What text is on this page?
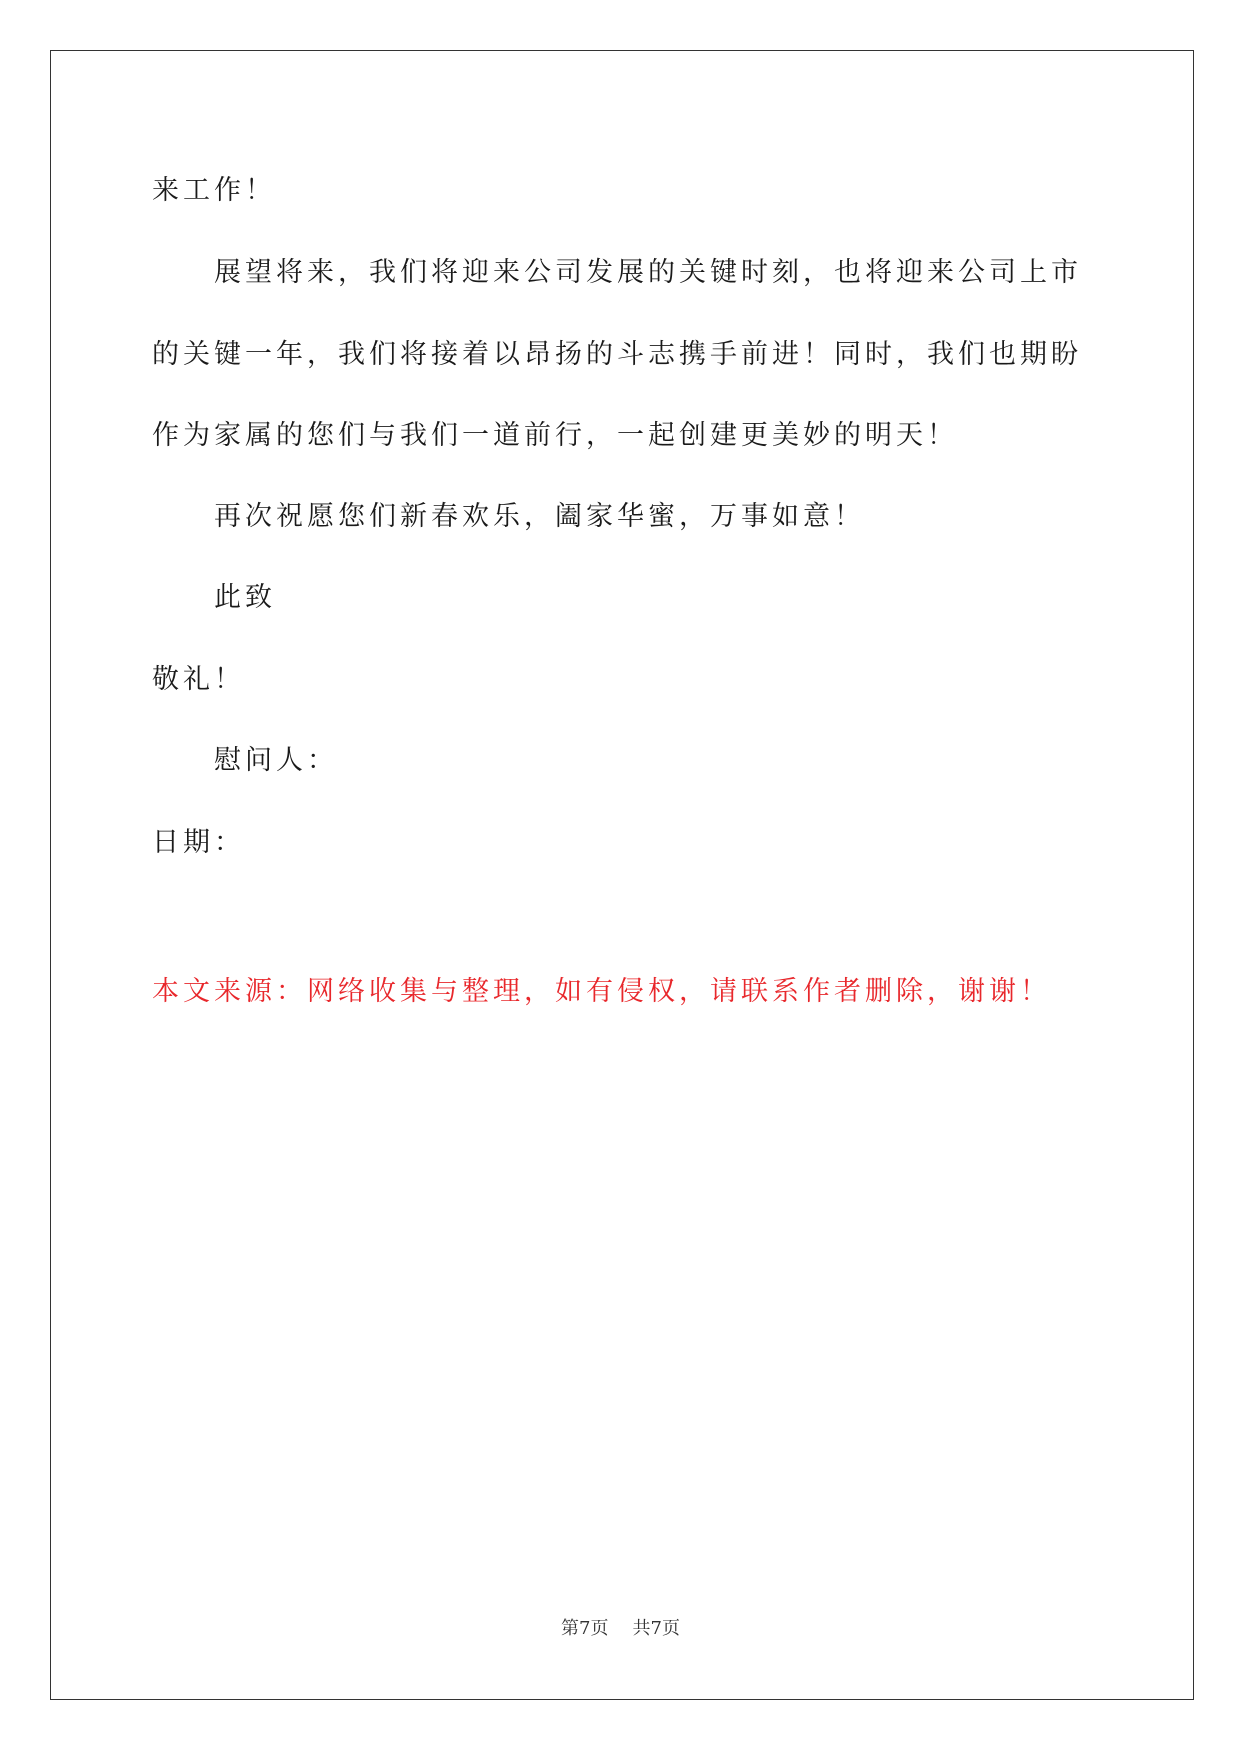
来工作！
展望将来，我们将迎来公司发展的关键时刻，也将迎来公司上市
的关键一年，我们将接着以昂扬的斗志携手前进！同时，我们也期盼
作为家属的您们与我们一道前行，一起创建更美妙的明天！
再次祝愿您们新春欢乐，阖家华蜜，万事如意！
此致
敬礼！
慰问人：
日期：
本文来源：网络收集与整理，如有侵权，请联系作者删除，谢谢！
第7页 共7页
